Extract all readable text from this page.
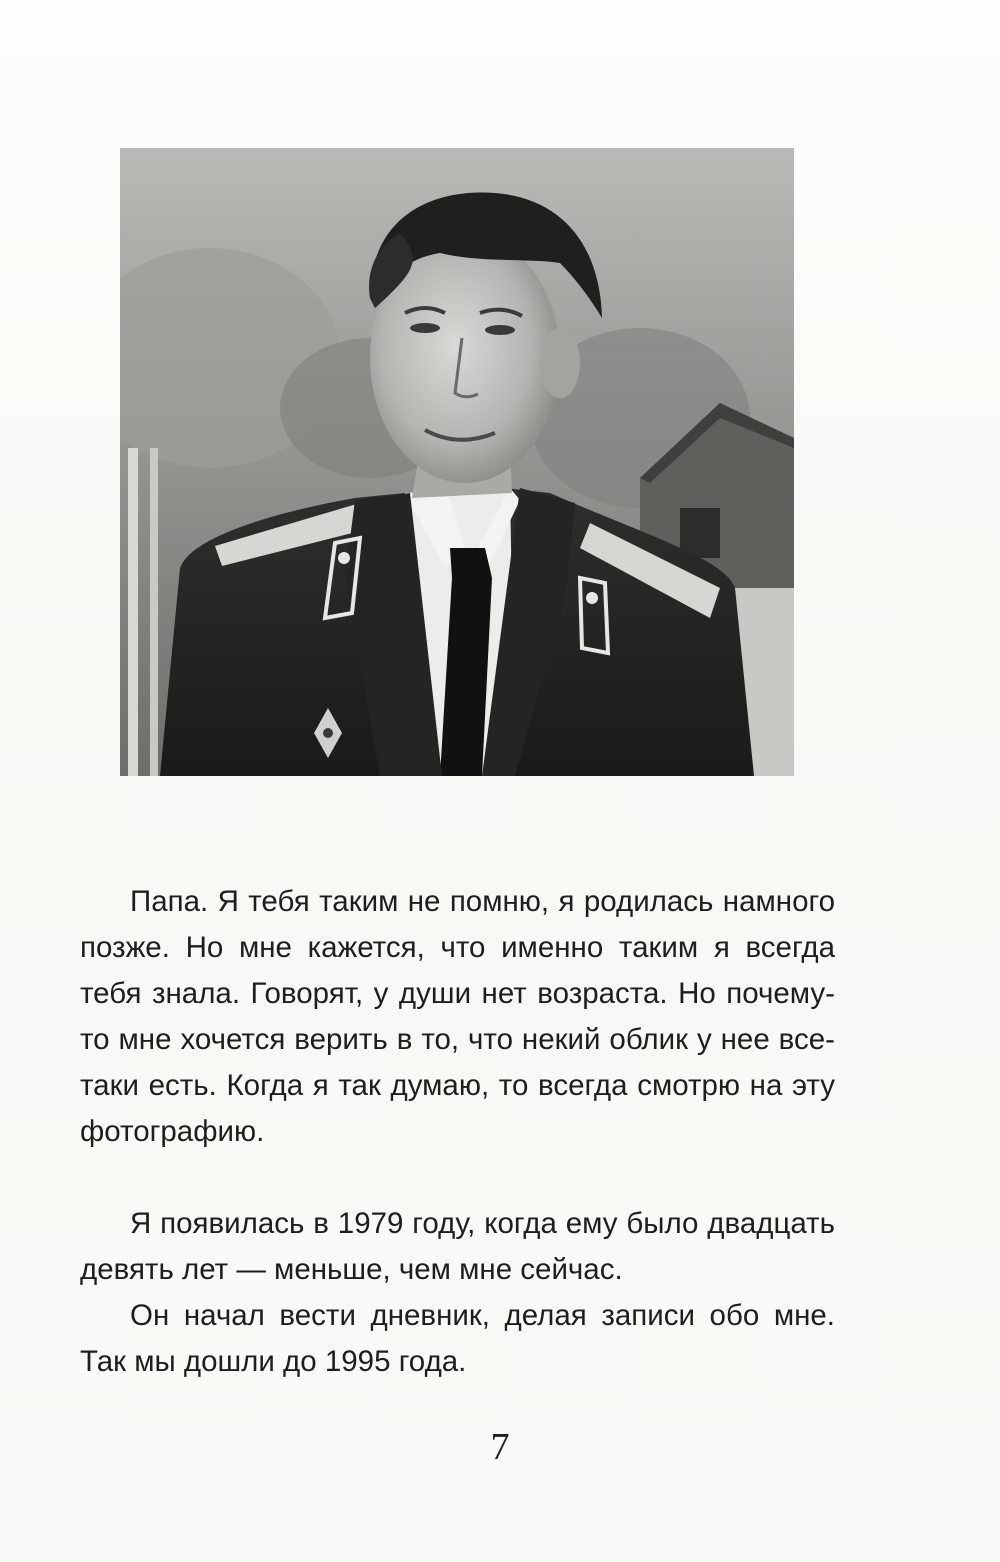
Папа. Я тебя таким не помню, я родилась намного позже. Но мне кажется, что именно таким я всегда тебя знала. Говорят, у души нет возраста. Но почему-то мне хочется верить в то, что некий облик у нее все-таки есть. Когда я так думаю, то всегда смотрю на эту фотографию.

Я появилась в 1979 году, когда ему было двадцать девять лет — меньше, чем мне сейчас.

Он начал вести дневник, делая записи обо мне. Так мы дошли до 1995 года.

7
